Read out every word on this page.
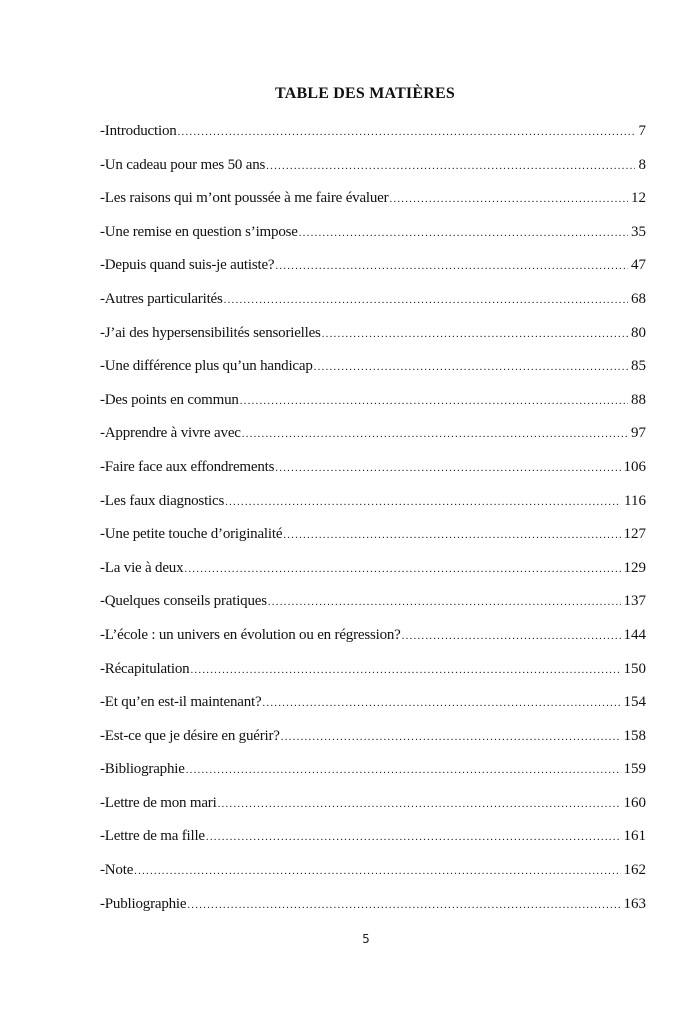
TABLE DES MATIÈRES
-Introduction .....	7
-Un cadeau pour mes 50 ans .....	8
-Les raisons qui m’ont poussée à me faire évaluer .....	12
-Une remise en question s’impose .....	35
-Depuis quand suis-je autiste? .....	47
-Autres particularités .....	68
-J’ai des hypersensibilités sensorielles .....	80
-Une différence plus qu’un handicap .....	85
-Des points en commun .....	88
-Apprendre à vivre avec .....	97
-Faire face aux effondrements .....	106
-Les faux diagnostics .....	116
-Une petite touche d’originalité .....	127
-La vie à deux .....	129
-Quelques conseils pratiques .....	137
-L’école : un univers en évolution ou en régression? .....	144
-Récapitulation .....	150
-Et qu’en est-il maintenant? .....	154
-Est-ce que je désire en guérir? .....	158
-Bibliographie .....	159
-Lettre de mon mari .....	160
-Lettre de ma fille .....	161
-Note .....	162
-Publiographie .....	163
5
